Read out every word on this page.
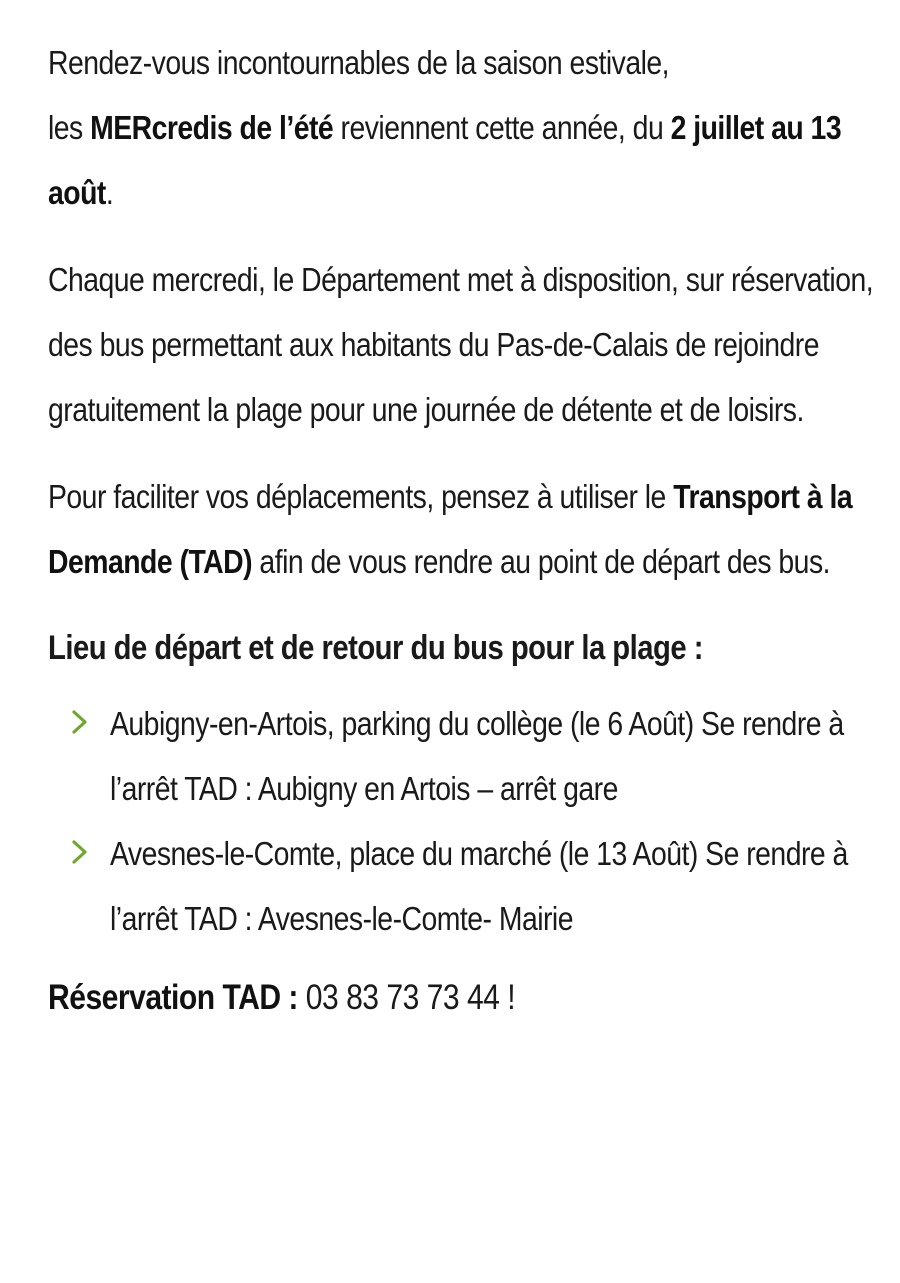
Rendez-vous incontournables de la saison estivale,
les MERcredis de l’été reviennent cette année, du 2 juillet au 13 août.

Chaque mercredi, le Département met à disposition, sur réservation, des bus permettant aux habitants du Pas-de-Calais de rejoindre gratuitement la plage pour une journée de détente et de loisirs.

Pour faciliter vos déplacements, pensez à utiliser le Transport à la Demande (TAD) afin de vous rendre au point de départ des bus.

Lieu de départ et de retour du bus pour la plage :
Aubigny-en-Artois, parking du collège (le 6 Août) Se rendre à l’arrêt TAD : Aubigny en Artois – arrêt gare
Avesnes-le-Comte, place du marché (le 13 Août) Se rendre à l’arrêt TAD : Avesnes-le-Comte- Mairie
Réservation TAD : 03 83 73 73 44 !
